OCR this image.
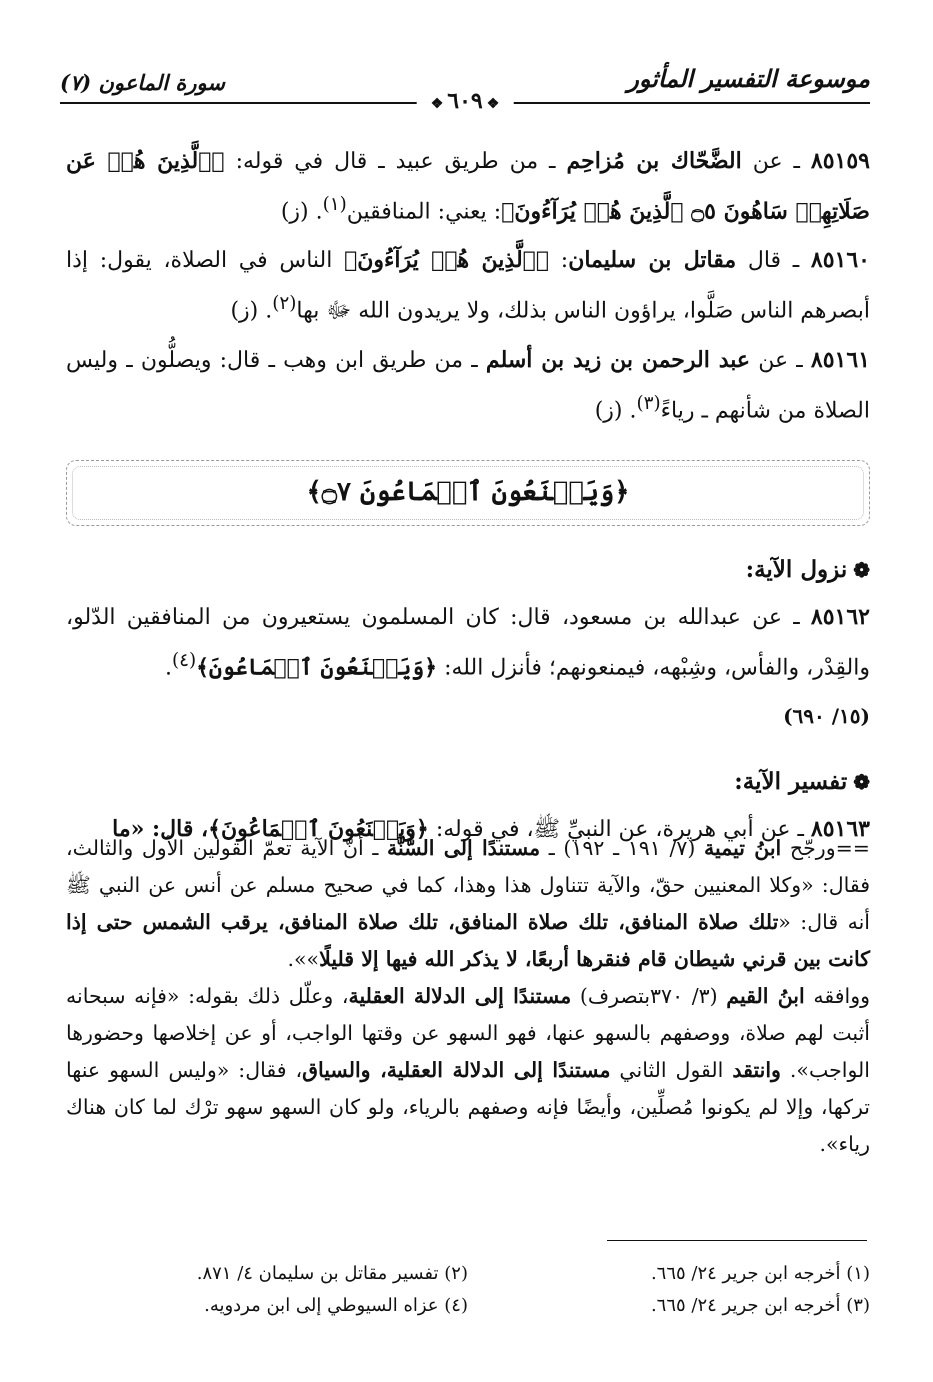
موسوعة التفسير المأثور
سورة الماعون (٧)
❖٦٠٩❖

٨٥١٥٩ ـ عن الضَّحّاك بن مُزاحِم ـ من طريق عبيد ـ قال في قوله: ﴿ٱلَّذِينَ هُمۡ عَن صَلَاتِهِمۡ سَاهُونَ ۝٥ ٱلَّذِينَ هُمۡ يُرَآءُونَ﴾: يعني: المنافقين$^{(١)}$. (ز)

٨٥١٦٠ ـ قال مقاتل بن سليمان: ﴿ٱلَّذِينَ هُمۡ يُرَآءُونَ﴾ الناس في الصلاة، يقول: إذا أبصرهم الناس صَلَّوا، يراؤون الناس بذلك، ولا يريدون الله ﷻ بها$^{(٢)}$. (ز)

٨٥١٦١ ـ عن عبد الرحمن بن زيد بن أسلم ـ من طريق ابن وهب ـ قال: ويصلُّون ـ وليس الصلاة من شأنهم ـ رياءً$^{(٣)}$. (ز)

﴿وَيَمۡنَعُونَ ٱلۡمَاعُونَ ۝٧﴾
❁نزول الآية:

٨٥١٦٢ ـ عن عبدالله بن مسعود، قال: كان المسلمون يستعيرون من المنافقين الدّلو، والقِدْر، والفأس، وشِبْهه، فيمنعونهم؛ فأنزل الله: ﴿وَيَمۡنَعُونَ ٱلۡمَاعُونَ﴾$^{(٤)}$.

(١٥/ ٦٩٠)
❁تفسير الآية:

٨٥١٦٣ ـ عن أبي هريرة، عن النبيِّ ﷺ، في قوله: ﴿وَيَمۡنَعُونَ ٱلۡمَاعُونَ﴾، قال: «ما

==ورجّح ابنُ تيمية (٧/ ١٩١ ـ ١٩٢) ـ مستندًا إلى السُّنَّة ـ أنّ الآية تعمّ القولين الأول والثالث، فقال: «وكلا المعنيين حقّ، والآية تتناول هذا وهذا، كما في صحيح مسلم عن أنس عن النبي ﷺ أنه قال: «تلك صلاة المنافق، تلك صلاة المنافق، تلك صلاة المنافق، يرقب الشمس حتى إذا كانت بين قرني شيطان قام فنقرها أربعًا، لا يذكر الله فيها إلا قليلًا»».

ووافقه ابنُ القيم (٣/ ٣٧٠بتصرف) مستندًا إلى الدلالة العقلية، وعلّل ذلك بقوله: «فإنه سبحانه أثبت لهم صلاة، ووصفهم بالسهو عنها، فهو السهو عن وقتها الواجب، أو عن إخلاصها وحضورها الواجب». وانتقد القول الثاني مستندًا إلى الدلالة العقلية، والسياق، فقال: «وليس السهو عنها تركها، وإلا لم يكونوا مُصلِّين، وأيضًا فإنه وصفهم بالرياء، ولو كان السهو سهو ترْك لما كان هناك رياء».

(١) أخرجه ابن جرير ٢٤/ ٦٦٥.
(٢) تفسير مقاتل بن سليمان ٤/ ٨٧١.
(٣) أخرجه ابن جرير ٢٤/ ٦٦٥.
(٤) عزاه السيوطي إلى ابن مردويه.
